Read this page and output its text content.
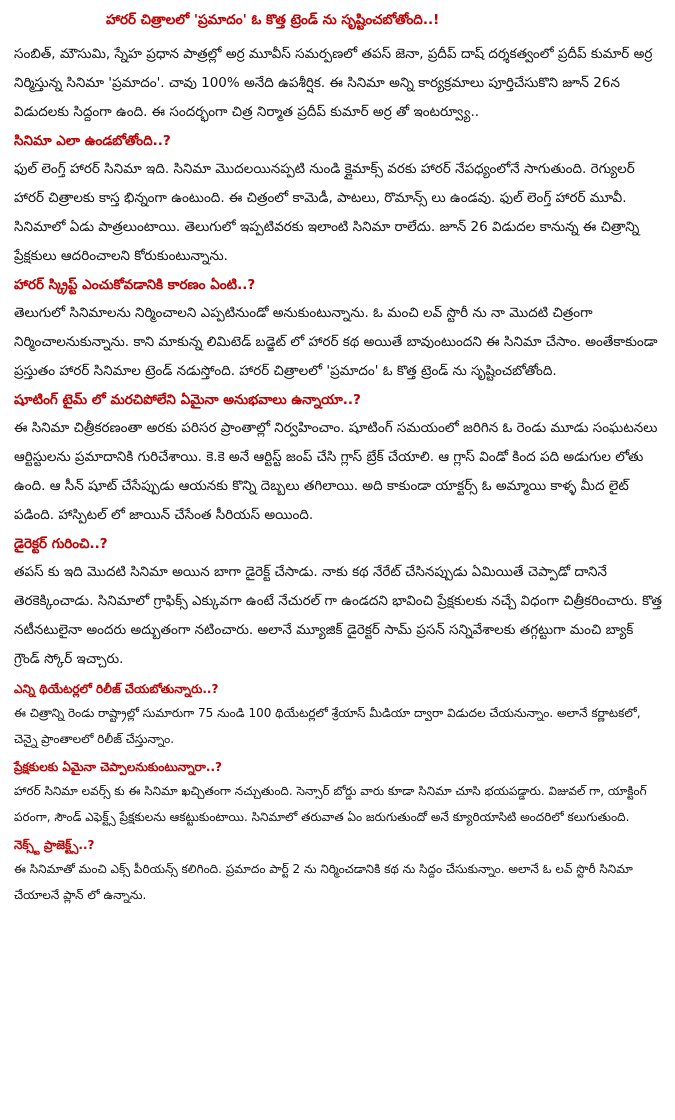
హారర్ చిత్రాలలో 'ప్రమాదం' ఓ కొత్త ట్రెండ్ ను సృష్టించబోతోంది..!

సంబిత్, మౌసుమి, స్నేహ ప్రధాన పాత్రల్లో అర్ర మూవీస్ సమర్పణలో తపస్ జెనా, ప్రదీప్ దాష్ దర్శకత్వంలో ప్రదీప్ కుమార్ అర్ర నిర్మిస్తున్న సినిమా 'ప్రమాదం'. చావు 100% అనేది ఉపశీర్షిక. ఈ సినిమా అన్ని కార్యక్రమాలు పూర్తిచేసుకొని జూన్ 26న విడుదలకు సిద్దంగా ఉంది. ఈ సందర్భంగా చిత్ర నిర్మాత ప్రదీప్ కుమార్ అర్ర తో ఇంటర్వ్యూ..

సినిమా ఎలా ఉండబోతోంది..?

ఫుల్ లెంగ్త్ హారర్ సినిమా ఇది. సినిమా మొదలయినప్పటి నుండి క్లైమాక్స్ వరకు హారర్ నేపధ్యంలోనే సాగుతుంది. రెగ్యులర్ హారర్ చిత్రాలకు కాస్త భిన్నంగా ఉంటుంది. ఈ చిత్రంలో కామెడీ, పాటలు, రొమాన్స్ లు ఉండవు. ఫుల్ లెంగ్త్ హారర్ మూవీ. సినిమాలో ఏడు పాత్రలుంటాయి. తెలుగులో ఇప్పటివరకు ఇలాంటి సినిమా రాలేదు. జూన్ 26 విడుదల కానున్న ఈ చిత్రాన్ని ప్రేక్షకులు ఆదరించాలని కోరుకుంటున్నాను.

హారర్ స్క్రిప్ట్ ఎంచుకోవడానికి కారణం ఏంటి..?

తెలుగులో సినిమాలను నిర్మించాలని ఎప్పటినుండో అనుకుంటున్నాను. ఓ మంచి లవ్ స్టొరీ ను నా మొదటి చిత్రంగా నిర్మించాలనుకున్నాను. కాని మాకున్న లిమిటెడ్ బడ్జెట్ లో హారర్ కథ అయితే బావుంటుందని ఈ సినిమా చేసాం. అంతేకాకుండా ప్రస్తుతం హారర్ సినిమాల ట్రెండ్ నడుస్తోంది. హారర్ చిత్రాలలో 'ప్రమాదం' ఓ కొత్త ట్రెండ్ ను సృష్టించబోతోంది.

షూటింగ్ టైమ్ లో మరచిపోలేని ఏమైనా అనుభవాలు ఉన్నాయా..?

ఈ సినిమా చిత్రీకరణంతా అరకు పరిసర ప్రాంతాల్లో నిర్వహించాం. షూటింగ్ సమయంలో జరిగిన ఓ రెండు మూడు సంఘటనలు ఆర్టిస్టులను ప్రమాదానికి గురిచేశాయి. కె.కె అనే ఆర్టిస్ట్ జంప్ చేసి గ్లాస్ బ్రేక్ చేయాలి. ఆ గ్లాస్ విండో కింద పది అడుగుల లోతు ఉంది. ఆ సీన్ షూట్ చేసేప్పుడు ఆయనకు కొన్ని దెబ్బలు తగిలాయి. అది కాకుండా యాక్టర్స్ ఓ అమ్మాయి కాళ్ళ మీద లైట్ పడింది. హాస్పిటల్ లో జాయిన్ చేసేంత సీరియస్ అయింది.

డైరెక్టర్ గురించి..?

తపస్ కు ఇది మొదటి సినిమా అయిన బాగా డైరెక్ట్ చేసాడు. నాకు కథ నేరేట్ చేసినప్పుడు ఏమియితే చెప్పాడో దానినే తెరకెక్కించాడు. సినిమాలో గ్రాఫిక్స్ ఎక్కువగా ఉంటే నేచురల్ గా ఉండదని భావించి ప్రేక్షకులకు నచ్చే విధంగా చిత్రీకరించారు. కొత్త నటీనటులైనా అందరు అద్బుతంగా నటించారు. అలానే మ్యూజిక్ డైరెక్టర్ సామ్ ప్రసన్ సన్నివేశాలకు తగ్గట్టుగా మంచి బ్యాక్ గ్రౌండ్ స్కోర్ ఇచ్చారు.

ఎన్ని థియేటర్లలో రిలీజ్ చేయబోతున్నారు..?

ఈ చిత్రాన్ని రెండు రాష్ట్రాల్లో సుమారుగా 75 నుండి 100 థియేటర్లలో శ్రేయాస్ మీడియా ద్వారా విడుదల చేయనున్నాం. అలానే కర్ణాటకలో, చెన్నై ప్రాంతాలలో రిలీజ్ చేస్తున్నాం.

ప్రేక్షకులకు ఏమైనా చెప్పాలనుకుంటున్నారా..?

హారర్ సినిమా లవర్స్ కు ఈ సినిమా ఖచ్చితంగా నచ్చుతుంది. సెన్సార్ బోర్డు వారు కూడా సినిమా చూసి భయపడ్డారు. విజువల్ గా, యాక్టింగ్ పరంగా, సౌండ్ ఎఫెక్ట్స్ ప్రేక్షకులను ఆకట్టుకుంటాయి. సినిమాలో తరువాత ఏం జరుగుతుందో అనే క్యూరియాసిటి అందరిలో కలుగుతుంది.

నెక్స్ట్ ప్రాజెక్ట్స్..?

ఈ సినిమాతో మంచి ఎక్స్ పీరియన్స్ కలిగింది. ప్రమాదం పార్ట్ 2 ను నిర్మించడానికి కథ ను సిద్దం చేసుకున్నాం. అలానే ఓ లవ్ స్టొరీ సినిమా చేయాలనే ప్లాన్ లో ఉన్నాను.
